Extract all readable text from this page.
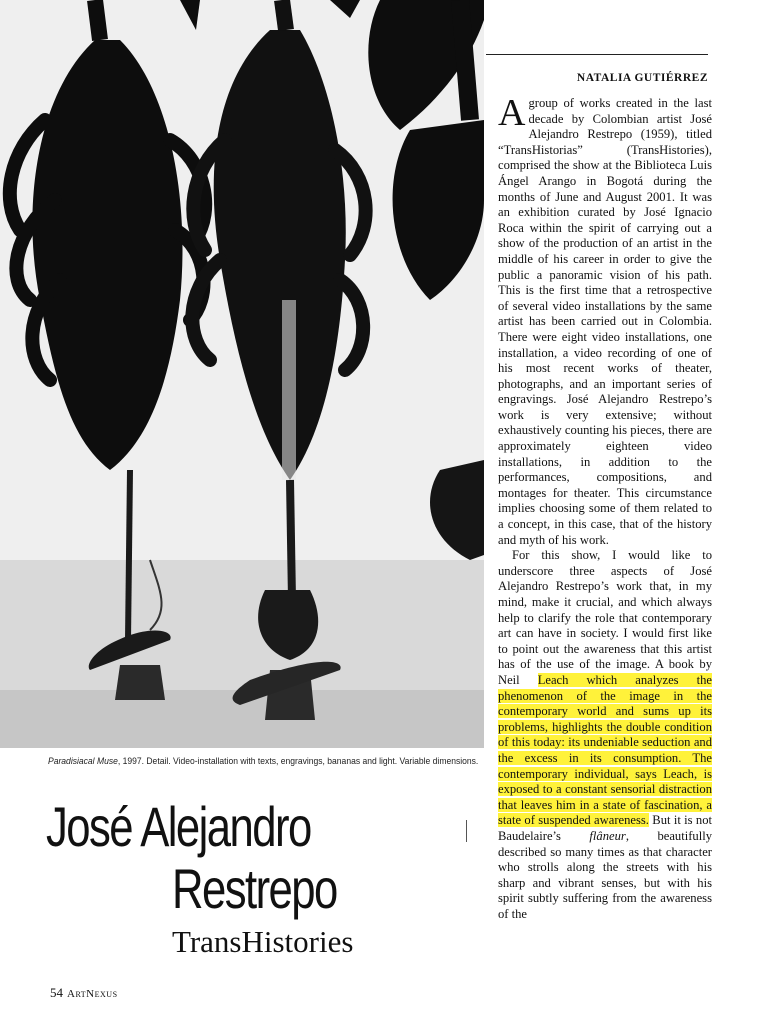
Paradisiacal Muse, 1997. Detail. Video-installation with texts, engravings, bananas and light. Variable dimensions.
NATALIA GUTIÉRREZ

A group of works created in the last decade by Colombian artist José Alejandro Restrepo (1959), titled “TransHistorias” (TransHistories), comprised the show at the Biblioteca Luis Ángel Arango in Bogotá during the months of June and August 2001. It was an exhibition curated by José Ignacio Roca within the spirit of carrying out a show of the production of an artist in the middle of his career in order to give the public a panoramic vision of his path. This is the first time that a retrospective of several video installations by the same artist has been carried out in Colombia. There were eight video installations, one installation, a video recording of one of his most recent works of theater, photographs, and an important series of engravings. José Alejandro Restrepo’s work is very extensive; without exhaustively counting his pieces, there are approximately eighteen video installations, in addition to the performances, compositions, and montages for theater. This circumstance implies choosing some of them related to a concept, in this case, that of the history and myth of his work.

For this show, I would like to underscore three aspects of José Alejandro Restrepo’s work that, in my mind, make it crucial, and which always help to clarify the role that contemporary art can have in society. I would first like to point out the awareness that this artist has of the use of the image. A book by Neil Leach which analyzes the phenomenon of the image in the contemporary world and sums up its problems, highlights the double condition of this today: its undeniable seduction and the excess in its consumption. The contemporary individual, says Leach, is exposed to a constant sensorial distraction that leaves him in a state of fascination, a state of suspended awareness. But it is not Baudelaire’s flâneur, beautifully described so many times as that character who strolls along the streets with his sharp and vibrant senses, but with his spirit subtly suffering from the awareness of the

José Alejandro
Restrepo
TransHistories
54 ArtNexus
